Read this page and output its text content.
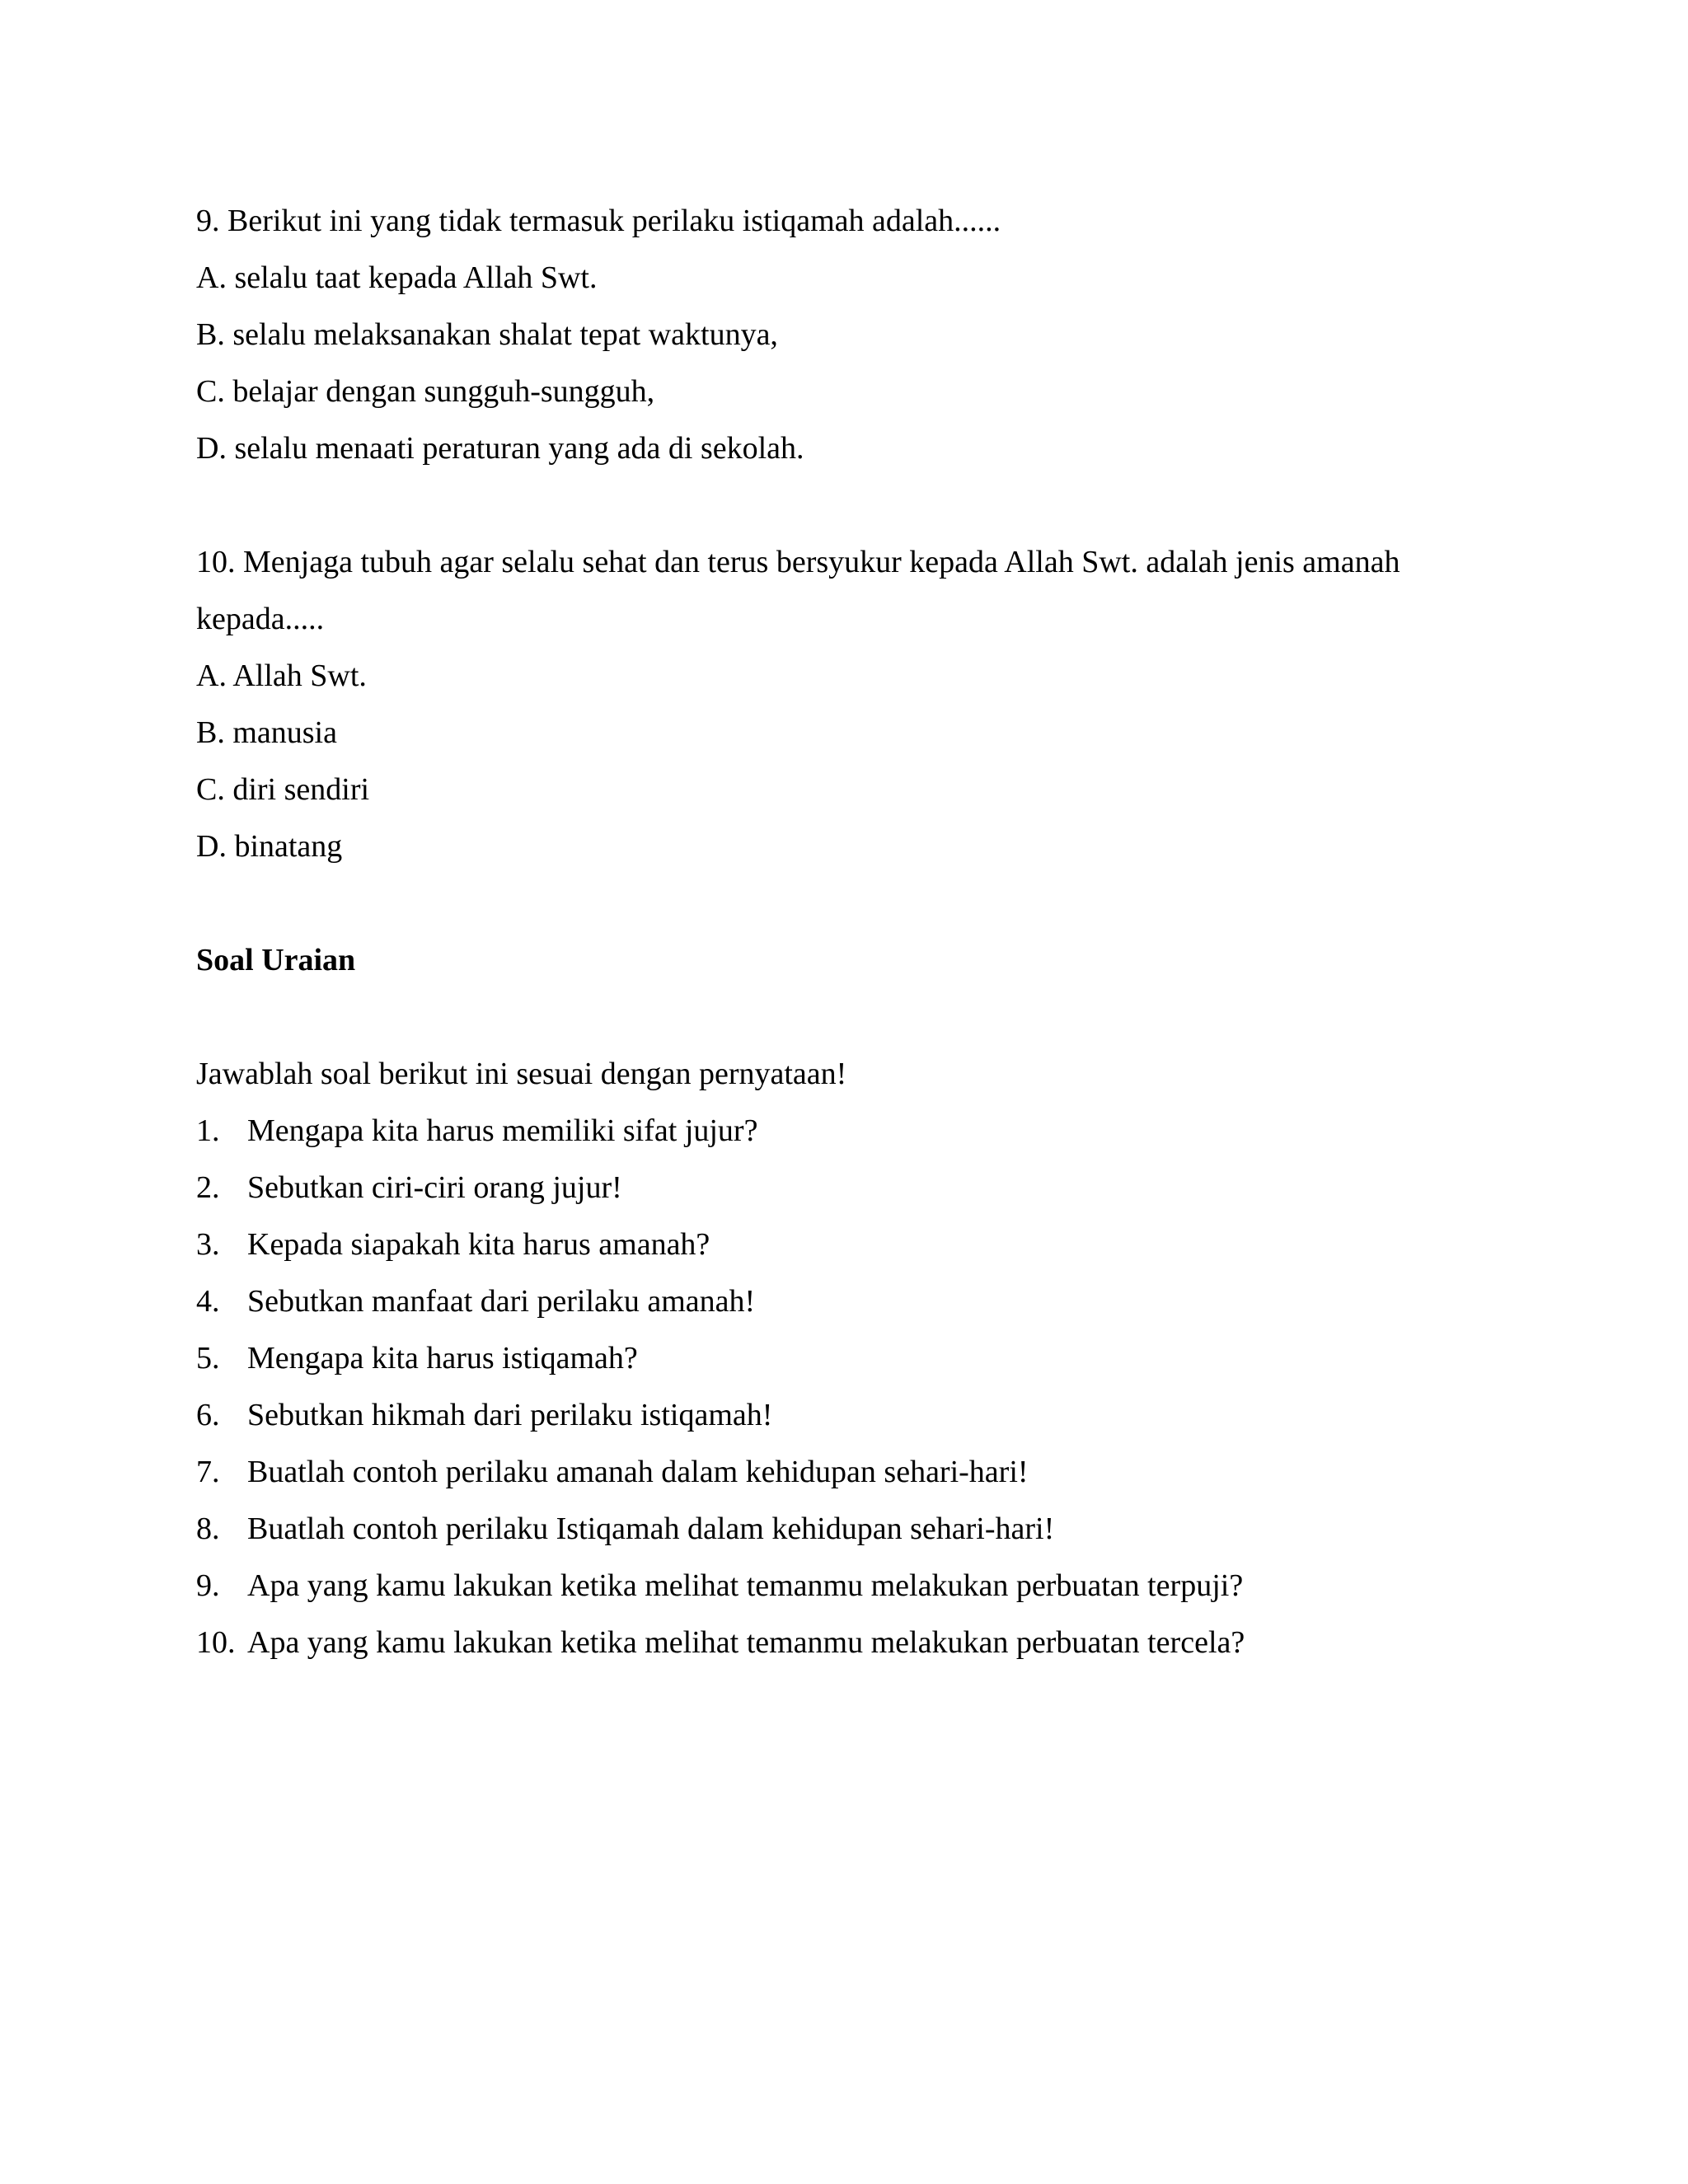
9. Berikut ini yang tidak termasuk perilaku istiqamah adalah......
A. selalu taat kepada Allah Swt.
B. selalu melaksanakan shalat tepat waktunya,
C. belajar dengan sungguh-sungguh,
D. selalu menaati peraturan yang ada di sekolah.
10. Menjaga tubuh agar selalu sehat dan terus bersyukur kepada Allah Swt. adalah jenis amanah
kepada.....
A. Allah Swt.
B. manusia
C. diri sendiri
D. binatang
Soal Uraian
Jawablah soal berikut ini sesuai dengan pernyataan!
1. Mengapa kita harus memiliki sifat jujur?
2. Sebutkan ciri-ciri orang jujur!
3. Kepada siapakah kita harus amanah?
4. Sebutkan manfaat dari perilaku amanah!
5. Mengapa kita harus istiqamah?
6. Sebutkan hikmah dari perilaku istiqamah!
7. Buatlah contoh perilaku amanah dalam kehidupan sehari-hari!
8. Buatlah contoh perilaku Istiqamah dalam kehidupan sehari-hari!
9. Apa yang kamu lakukan ketika melihat temanmu melakukan perbuatan terpuji?
10. Apa yang kamu lakukan ketika melihat temanmu melakukan perbuatan tercela?
